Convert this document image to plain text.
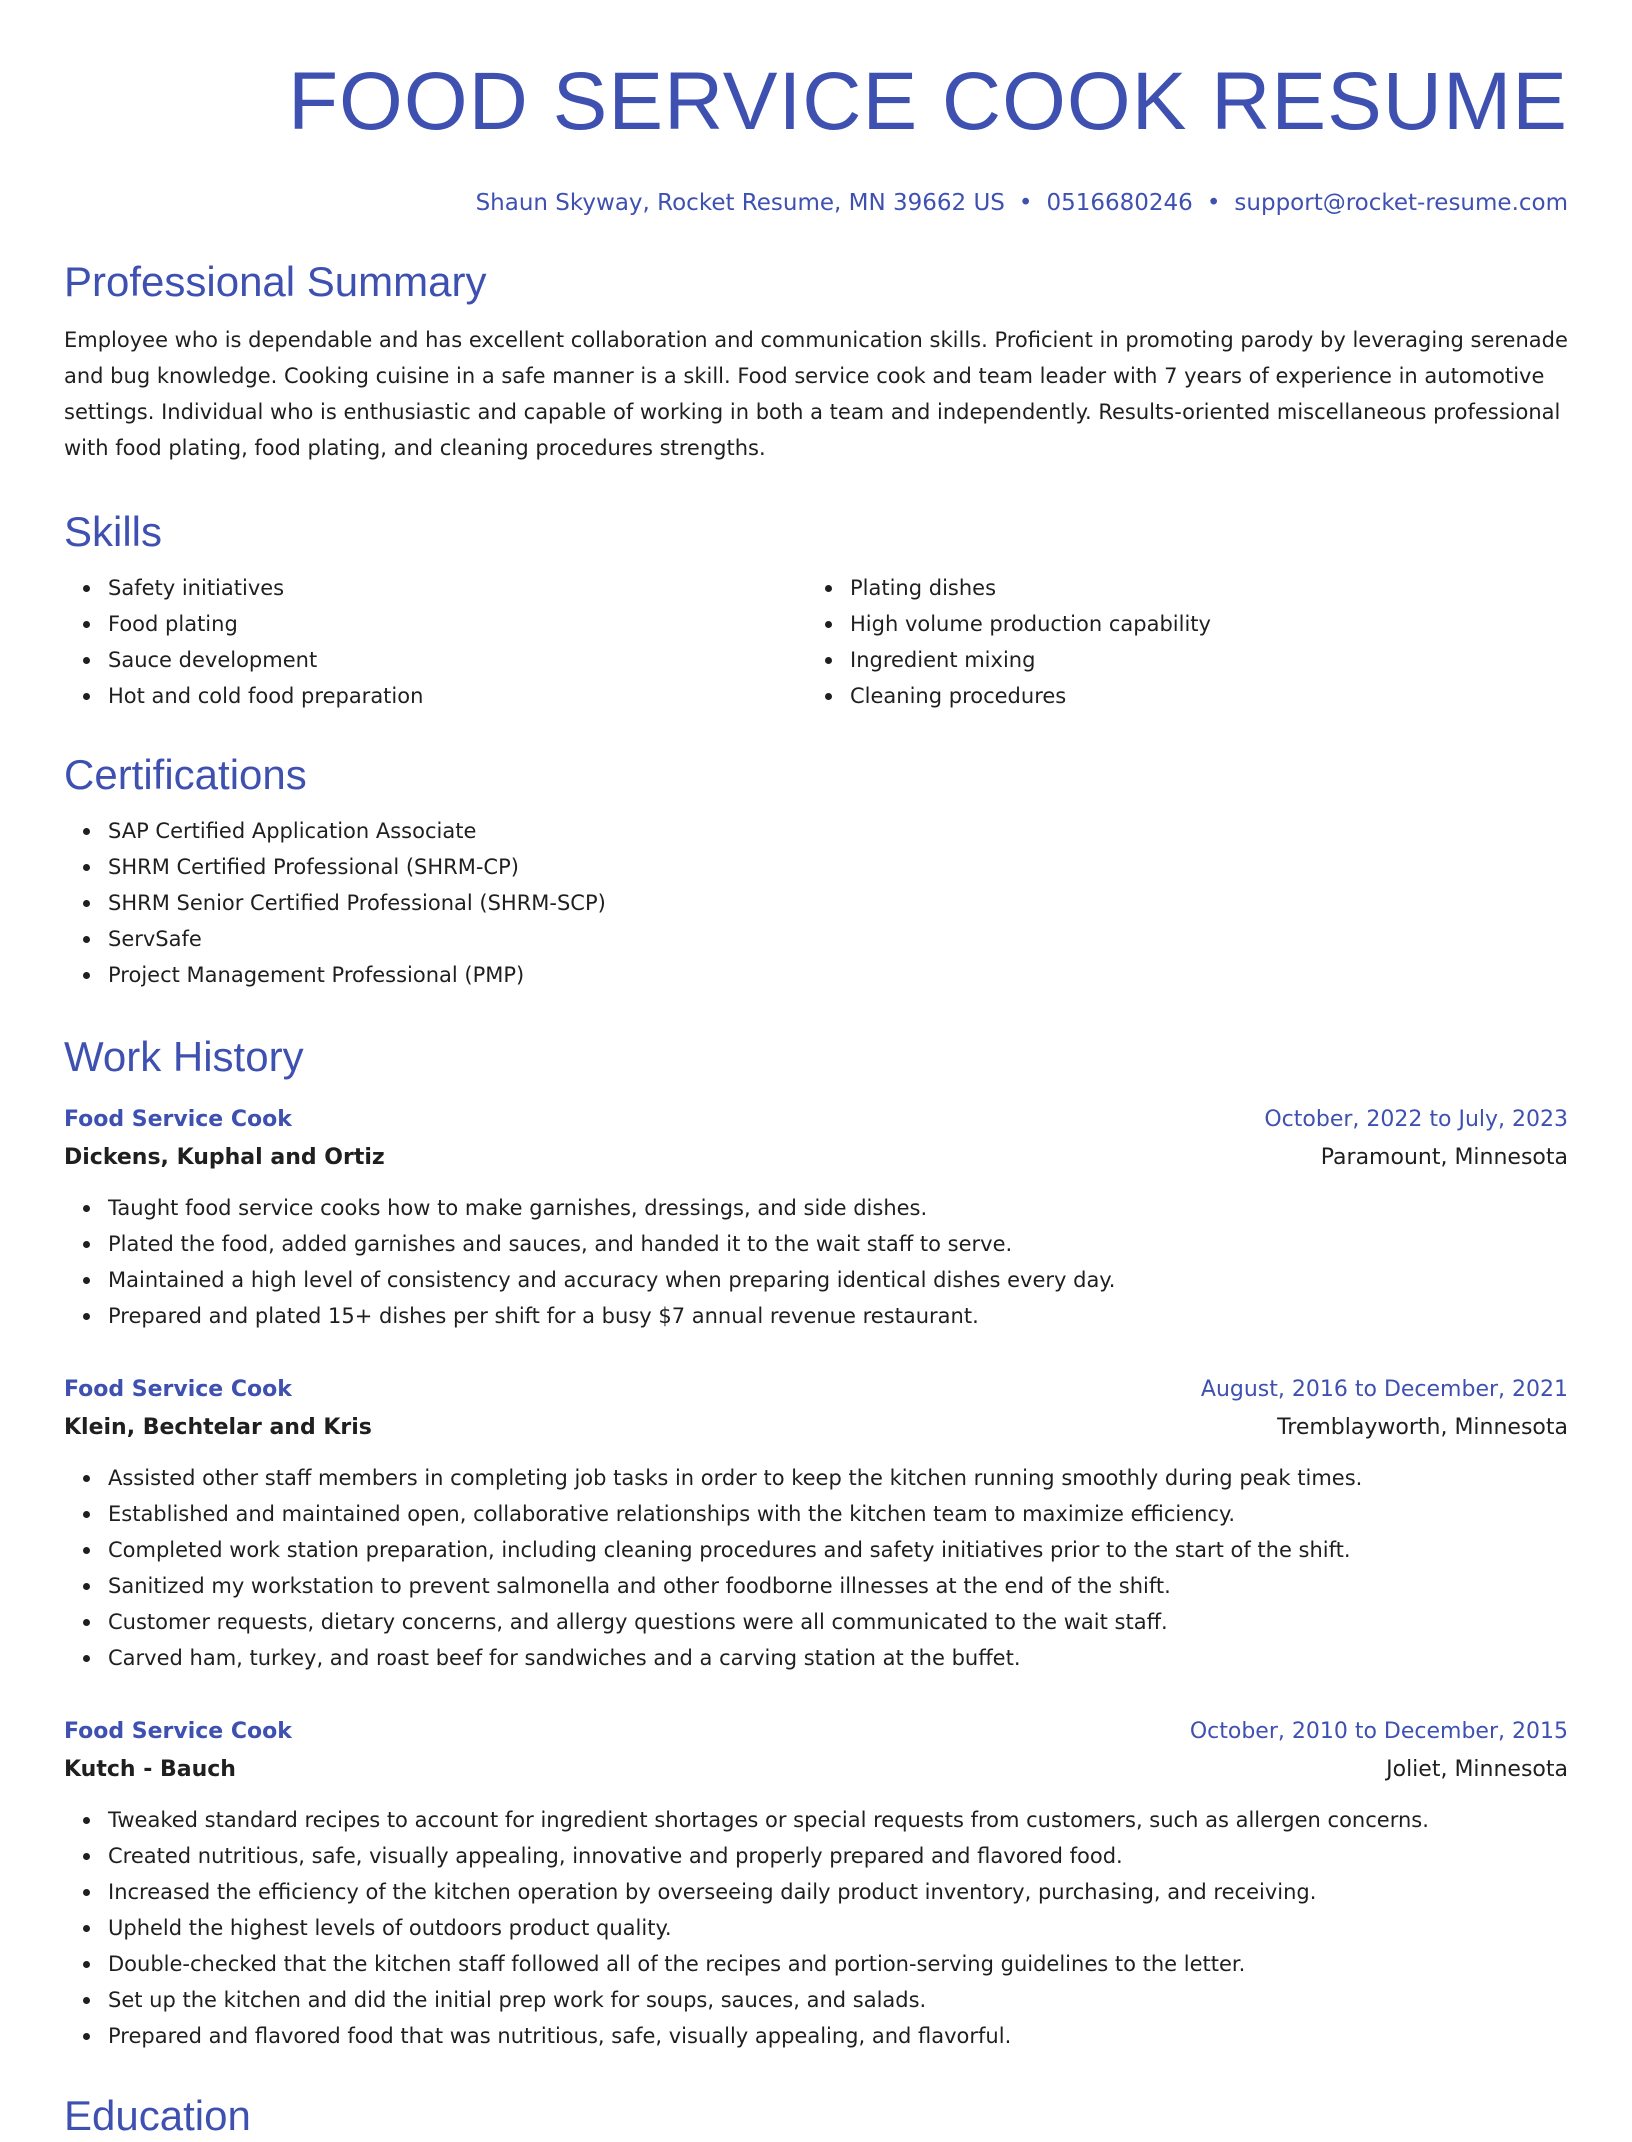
FOOD SERVICE COOK RESUME
Shaun Skyway, Rocket Resume, MN 39662 US • 0516680246 • support@rocket-resume.com
Professional Summary

Employee who is dependable and has excellent collaboration and communication skills. Proficient in promoting parody by leveraging serenade and bug knowledge. Cooking cuisine in a safe manner is a skill. Food service cook and team leader with 7 years of experience in automotive settings. Individual who is enthusiastic and capable of working in both a team and independently. Results-oriented miscellaneous professional with food plating, food plating, and cleaning procedures strengths.

Skills
Safety initiatives
Food plating
Sauce development
Hot and cold food preparation
Plating dishes
High volume production capability
Ingredient mixing
Cleaning procedures
Certifications
SAP Certified Application Associate
SHRM Certified Professional (SHRM-CP)
SHRM Senior Certified Professional (SHRM-SCP)
ServSafe
Project Management Professional (PMP)
Work History
Food Service Cook	October, 2022 to July, 2023
Dickens, Kuphal and Ortiz	Paramount, Minnesota
Taught food service cooks how to make garnishes, dressings, and side dishes.
Plated the food, added garnishes and sauces, and handed it to the wait staff to serve.
Maintained a high level of consistency and accuracy when preparing identical dishes every day.
Prepared and plated 15+ dishes per shift for a busy $7 annual revenue restaurant.
Food Service Cook	August, 2016 to December, 2021
Klein, Bechtelar and Kris	Tremblayworth, Minnesota
Assisted other staff members in completing job tasks in order to keep the kitchen running smoothly during peak times.
Established and maintained open, collaborative relationships with the kitchen team to maximize efficiency.
Completed work station preparation, including cleaning procedures and safety initiatives prior to the start of the shift.
Sanitized my workstation to prevent salmonella and other foodborne illnesses at the end of the shift.
Customer requests, dietary concerns, and allergy questions were all communicated to the wait staff.
Carved ham, turkey, and roast beef for sandwiches and a carving station at the buffet.
Food Service Cook	October, 2010 to December, 2015
Kutch - Bauch	Joliet, Minnesota
Tweaked standard recipes to account for ingredient shortages or special requests from customers, such as allergen concerns.
Created nutritious, safe, visually appealing, innovative and properly prepared and flavored food.
Increased the efficiency of the kitchen operation by overseeing daily product inventory, purchasing, and receiving.
Upheld the highest levels of outdoors product quality.
Double-checked that the kitchen staff followed all of the recipes and portion-serving guidelines to the letter.
Set up the kitchen and did the initial prep work for soups, sauces, and salads.
Prepared and flavored food that was nutritious, safe, visually appealing, and flavorful.
Education
